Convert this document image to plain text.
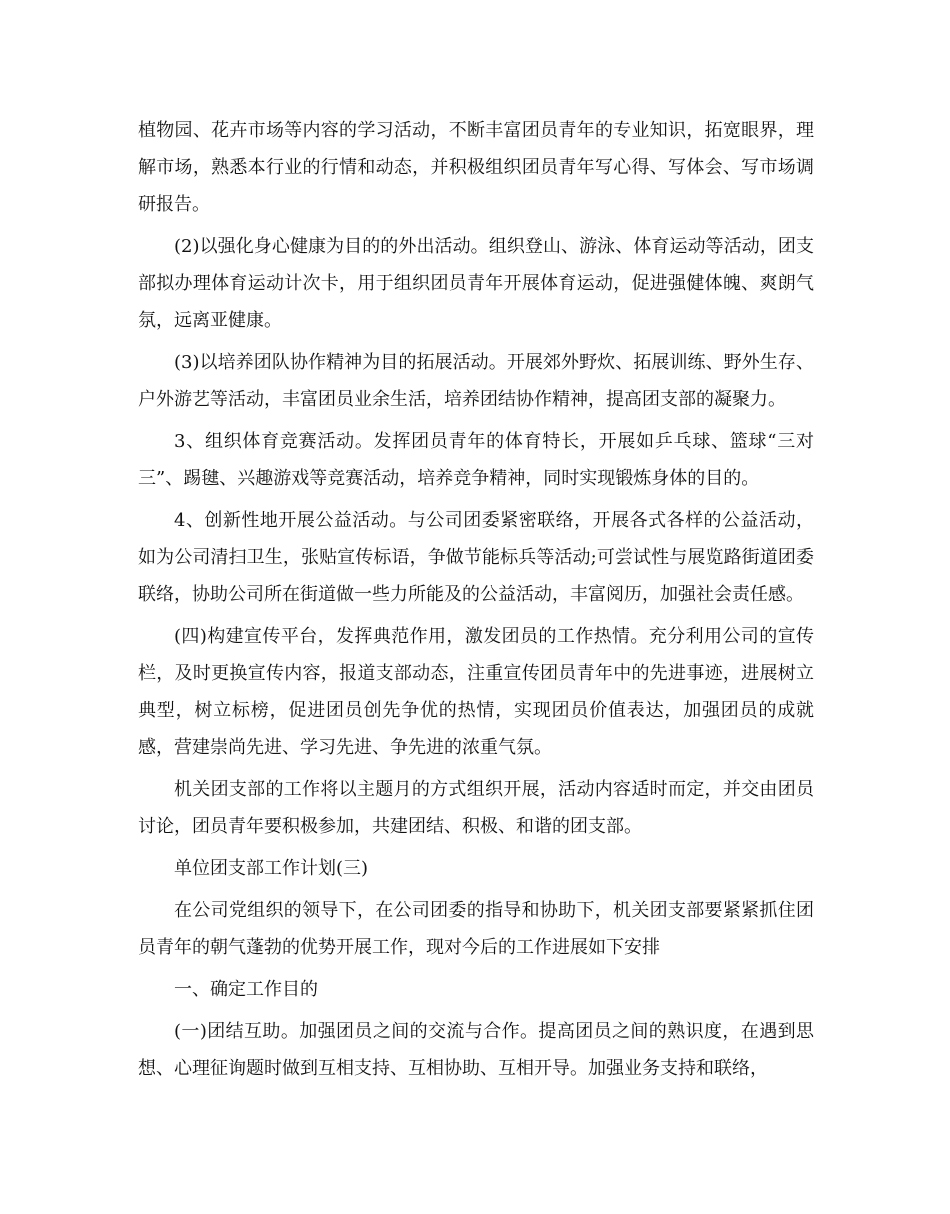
植物园、花卉市场等内容的学习活动，不断丰富团员青年的专业知识，拓宽眼界，理解市场，熟悉本行业的行情和动态，并积极组织团员青年写心得、写体会、写市场调研报告。

(2)以强化身心健康为目的的外出活动。组织登山、游泳、体育运动等活动，团支部拟办理体育运动计次卡，用于组织团员青年开展体育运动，促进强健体魄、爽朗气氛，远离亚健康。

(3)以培养团队协作精神为目的拓展活动。开展郊外野炊、拓展训练、野外生存、户外游艺等活动，丰富团员业余生活，培养团结协作精神，提高团支部的凝聚力。

3、组织体育竞赛活动。发挥团员青年的体育特长，开展如乒乓球、篮球“三对三”、踢毽、兴趣游戏等竞赛活动，培养竞争精神，同时实现锻炼身体的目的。

4、创新性地开展公益活动。与公司团委紧密联络，开展各式各样的公益活动，如为公司清扫卫生，张贴宣传标语，争做节能标兵等活动;可尝试性与展览路街道团委联络，协助公司所在街道做一些力所能及的公益活动，丰富阅历，加强社会责任感。

(四)构建宣传平台，发挥典范作用，激发团员的工作热情。充分利用公司的宣传栏，及时更换宣传内容，报道支部动态，注重宣传团员青年中的先进事迹，进展树立典型，树立标榜，促进团员创先争优的热情，实现团员价值表达，加强团员的成就感，营建崇尚先进、学习先进、争先进的浓重气氛。

机关团支部的工作将以主题月的方式组织开展，活动内容适时而定，并交由团员讨论，团员青年要积极参加，共建团结、积极、和谐的团支部。

单位团支部工作计划(三)

在公司党组织的领导下，在公司团委的指导和协助下，机关团支部要紧紧抓住团员青年的朝气蓬勃的优势开展工作，现对今后的工作进展如下安排

一、确定工作目的

(一)团结互助。加强团员之间的交流与合作。提高团员之间的熟识度，在遇到思想、心理征询题时做到互相支持、互相协助、互相开导。加强业务支持和联络，
